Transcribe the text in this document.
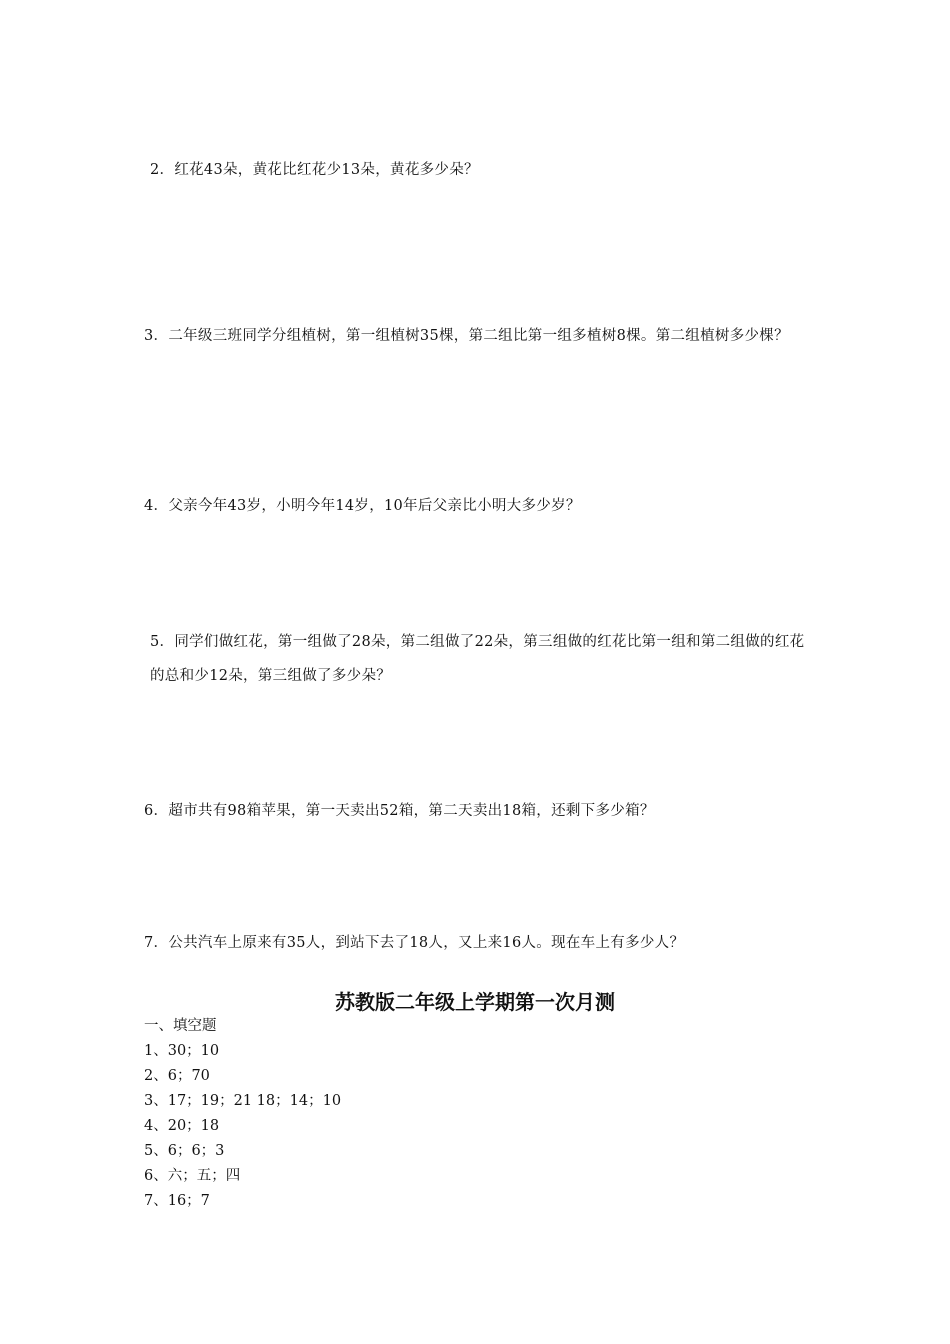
2．红花43朵，黄花比红花少13朵，黄花多少朵？
3．二年级三班同学分组植树，第一组植树35棵，第二组比第一组多植树8棵。第二组植树多少棵？
4．父亲今年43岁，小明今年14岁，10年后父亲比小明大多少岁？
5．同学们做红花，第一组做了28朵，第二组做了22朵，第三组做的红花比第一组和第二组做的红花的总和少12朵，第三组做了多少朵？
6．超市共有98箱苹果，第一天卖出52箱，第二天卖出18箱，还剩下多少箱？
7．公共汽车上原来有35人，到站下去了18人，又上来16人。现在车上有多少人？
苏教版二年级上学期第一次月测
一、填空题
1、30；10
2、6；70
3、17；19；21 18；14；10
4、20；18
5、6；6；3
6、六；五；四
7、16；7
